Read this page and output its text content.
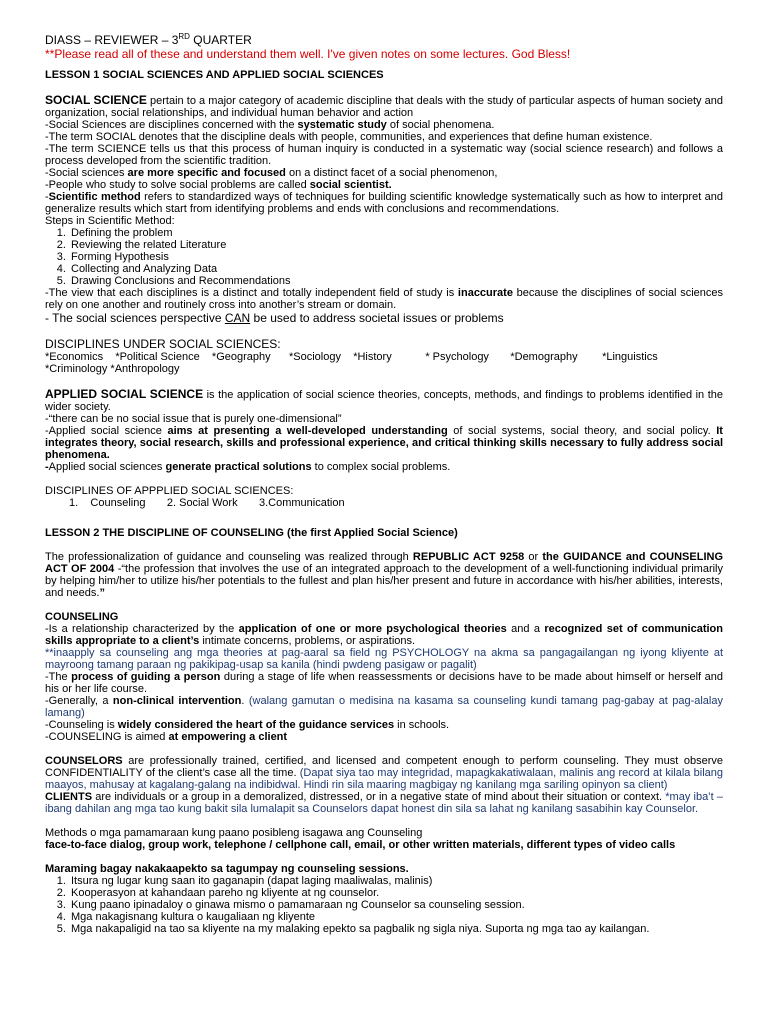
DIASS – REVIEWER – 3RD QUARTER

**Please read all of these and understand them well. I've given notes on some lectures. God Bless!

LESSON 1 SOCIAL SCIENCES AND APPLIED SOCIAL SCIENCES

SOCIAL SCIENCE pertain to a major category of academic discipline that deals with the study of particular aspects of human society and organization, social relationships, and individual human behavior and action

-Social Sciences are disciplines concerned with the systematic study of social phenomena.

-The term SOCIAL denotes that the discipline deals with people, communities, and experiences that define human existence.

-The term SCIENCE tells us that this process of human inquiry is conducted in a systematic way (social science research) and follows a process developed from the scientific tradition.

-Social sciences are more specific and focused on a distinct facet of a social phenomenon,

-People who study to solve social problems are called social scientist.

-Scientific method refers to standardized ways of techniques for building scientific knowledge systematically such as how to interpret and generalize results which start from identifying problems and ends with conclusions and recommendations.

Steps in Scientific Method:

1. Defining the problem
2. Reviewing the related Literature
3. Forming Hypothesis
4. Collecting and Analyzing Data
5. Drawing Conclusions and Recommendations

-The view that each disciplines is a distinct and totally independent field of study is inaccurate because the disciplines of social sciences rely on one another and routinely cross into another’s stream or domain.

- The social sciences perspective CAN be used to address societal issues or problems

DISCIPLINES UNDER SOCIAL SCIENCES:

*Economics *Political Science *Geography *Sociology *History	* Psychology *Demography *Linguistics

*Criminology *Anthropology

APPLIED SOCIAL SCIENCE is the application of social science theories, concepts, methods, and findings to problems identified in the wider society.

-“there can be no social issue that is purely one-dimensional”

-Applied social science aims at presenting a well-developed understanding of social systems, social theory, and social policy. It integrates theory, social research, skills and professional experience, and critical thinking skills necessary to fully address social phenomena.

-Applied social sciences generate practical solutions to complex social problems.

DISCIPLINES OF APPPLIED SOCIAL SCIENCES:

1. Counseling 2. Social Work 3.Communication

LESSON 2 THE DISCIPLINE OF COUNSELING (the first Applied Social Science)

The professionalization of guidance and counseling was realized through REPUBLIC ACT 9258 or the GUIDANCE and COUNSELING ACT OF 2004 -“the profession that involves the use of an integrated approach to the development of a well-functioning individual primarily by helping him/her to utilize his/her potentials to the fullest and plan his/her present and future in accordance with his/her abilities, interests, and needs.”

COUNSELING

-Is a relationship characterized by the application of one or more psychological theories and a recognized set of communication skills appropriate to a client’s intimate concerns, problems, or aspirations.

**inaapply sa counseling ang mga theories at pag-aaral sa field ng PSYCHOLOGY na akma sa pangagailangan ng iyong kliyente at mayroong tamang paraan ng pakikipag-usap sa kanila (hindi pwdeng pasigaw or pagalit)

-The process of guiding a person during a stage of life when reassessments or decisions have to be made about himself or herself and his or her life course.

-Generally, a non-clinical intervention. (walang gamutan o medisina na kasama sa counseling kundi tamang pag-gabay at pag-alalay lamang)

-Counseling is widely considered the heart of the guidance services in schools.

-COUNSELING is aimed at empowering a client

COUNSELORS are professionally trained, certified, and licensed and competent enough to perform counseling. They must observe CONFIDENTIALITY of the client’s case all the time. (Dapat siya tao may integridad, mapagkakatiwalaan, malinis ang record at kilala bilang maayos, mahusay at kagalang-galang na indibidwal. Hindi rin sila maaring magbigay ng kanilang mga sariling opinyon sa client)

CLIENTS are individuals or a group in a demoralized, distressed, or in a negative state of mind about their situation or context. *may iba’t – ibang dahilan ang mga tao kung bakit sila lumalapit sa Counselors dapat honest din sila sa lahat ng kanilang sasabihin kay Counselor.

Methods o mga pamamaraan kung paano posibleng isagawa ang Counseling

face-to-face dialog, group work, telephone / cellphone call, email, or other written materials, different types of video calls

Maraming bagay nakakaapekto sa tagumpay ng counseling sessions.

1. Itsura ng lugar kung saan ito gaganapin (dapat laging maaliwalas, malinis)
2. Kooperasyon at kahandaan pareho ng kliyente at ng counselor.
3. Kung paano ipinadaloy o ginawa mismo o pamamaraan ng Counselor sa counseling session.
4. Mga nakagisnang kultura o kaugaliaan ng kliyente
5. Mga nakapaligid na tao sa kliyente na my malaking epekto sa pagbalik ng sigla niya. Suporta ng mga tao ay kailangan.
